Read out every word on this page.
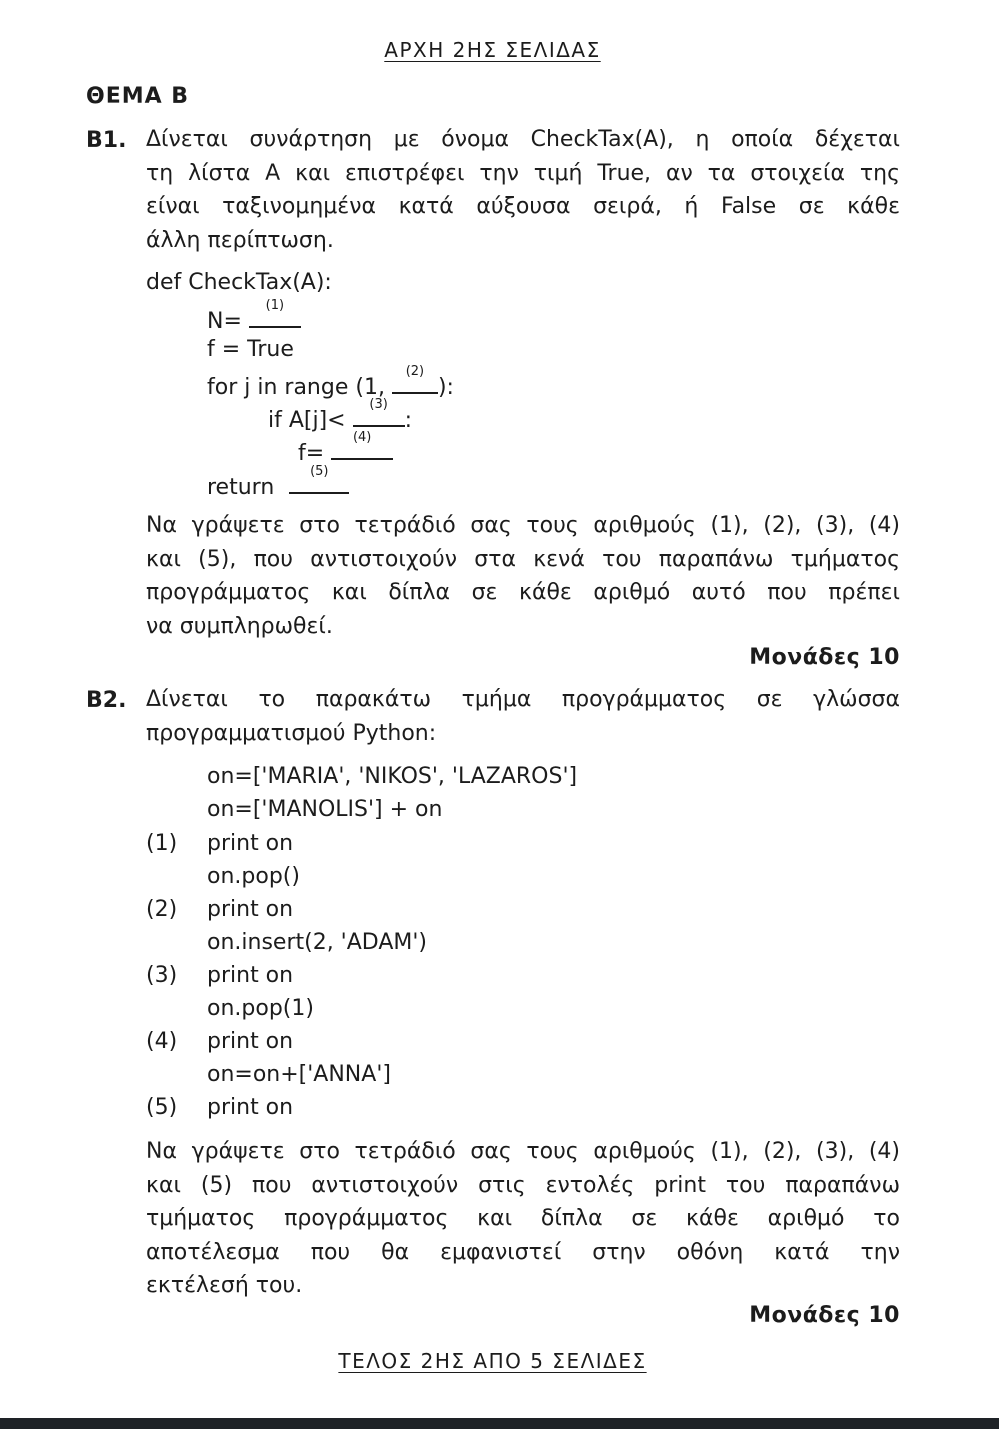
ΑΡΧΗ 2ΗΣ ΣΕΛΙΔΑΣ
ΘΕΜΑ Β
Β1. Δίνεται συνάρτηση με όνομα CheckTax(A), η οποία δέχεται
τη λίστα Α και επιστρέφει την τιμή True, αν τα στοιχεία της
είναι ταξινομημένα κατά αύξουσα σειρά, ή False σε κάθε
άλλη περίπτωση.
def CheckTax(A):
N=
(1)
f = True
for j in range (1,
(2)
):
if A[j]<
(3)
:
f=
(4)
return
(5)
Να γράψετε στο τετράδιό σας τους αριθμούς (1), (2), (3), (4)
και (5), που αντιστοιχούν στα κενά του παραπάνω τμήματος
προγράμματος και δίπλα σε κάθε αριθμό αυτό που πρέπει
να συμπληρωθεί.
Μονάδες 10
Β2. Δίνεται το παρακάτω τμήμα προγράμματος σε γλώσσα
προγραμματισμού Python:
on=['MARIA', 'NIKOS', 'LAZAROS']
on=['MANOLIS'] + on
(1) print on
on.pop()
(2) print on
on.insert(2, 'ADAM')
(3) print on
on.pop(1)
(4) print on
on=on+['ANNA']
(5) print on
Να γράψετε στο τετράδιό σας τους αριθμούς (1), (2), (3), (4)
και (5) που αντιστοιχούν στις εντολές print του παραπάνω
τμήματος προγράμματος και δίπλα σε κάθε αριθμό το
αποτέλεσμα που θα εμφανιστεί στην οθόνη κατά την
εκτέλεσή του.
Μονάδες 10
ΤΕΛΟΣ 2ΗΣ ΑΠΟ 5 ΣΕΛΙΔΕΣ
